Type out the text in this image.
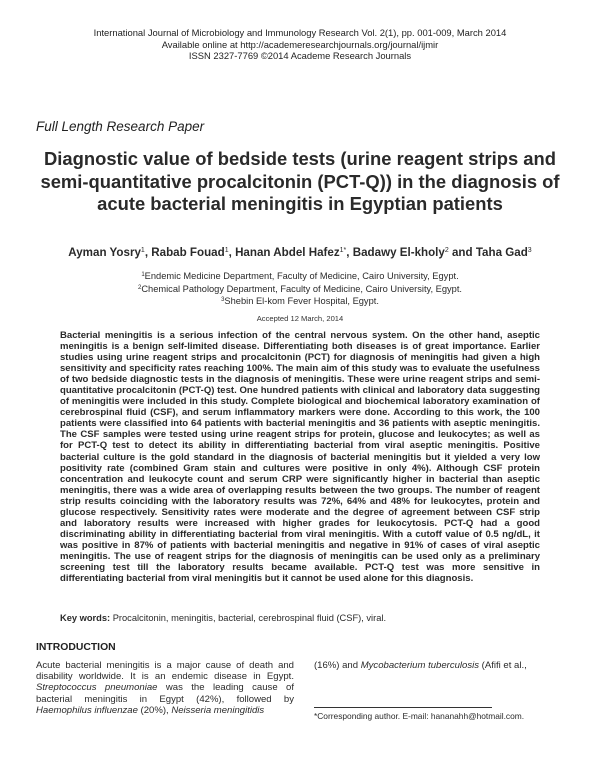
International Journal of Microbiology and Immunology Research Vol. 2(1), pp. 001-009, March 2014
Available online at http://academeresearchjournals.org/journal/ijmir
ISSN 2327-7769 ©2014 Academe Research Journals
Full Length Research Paper
Diagnostic value of bedside tests (urine reagent strips and semi-quantitative procalcitonin (PCT-Q)) in the diagnosis of acute bacterial meningitis in Egyptian patients
Ayman Yosry$^1$, Rabab Fouad$^1$, Hanan Abdel Hafez$^{1*}$, Badawy El-kholy$^2$ and Taha Gad$^3$
$^1$Endemic Medicine Department, Faculty of Medicine, Cairo University, Egypt.
$^2$Chemical Pathology Department, Faculty of Medicine, Cairo University, Egypt.
$^3$Shebin El-kom Fever Hospital, Egypt.
Accepted 12 March, 2014
Bacterial meningitis is a serious infection of the central nervous system. On the other hand, aseptic meningitis is a benign self-limited disease. Differentiating both diseases is of great importance. Earlier studies using urine reagent strips and procalcitonin (PCT) for diagnosis of meningitis had given a high sensitivity and specificity rates reaching 100%. The main aim of this study was to evaluate the usefulness of two bedside diagnostic tests in the diagnosis of meningitis. These were urine reagent strips and semi-quantitative procalcitonin (PCT-Q) test. One hundred patients with clinical and laboratory data suggesting of meningitis were included in this study. Complete biological and biochemical laboratory examination of cerebrospinal fluid (CSF), and serum inflammatory markers were done. According to this work, the 100 patients were classified into 64 patients with bacterial meningitis and 36 patients with aseptic meningitis. The CSF samples were tested using urine reagent strips for protein, glucose and leukocytes; as well as for PCT-Q test to detect its ability in differentiating bacterial from viral aseptic meningitis. Positive bacterial culture is the gold standard in the diagnosis of bacterial meningitis but it yielded a very low positivity rate (combined Gram stain and cultures were positive in only 4%). Although CSF protein concentration and leukocyte count and serum CRP were significantly higher in bacterial than aseptic meningitis, there was a wide area of overlapping results between the two groups. The number of reagent strip results coinciding with the laboratory results was 72%, 64% and 48% for leukocytes, protein and glucose respectively. Sensitivity rates were moderate and the degree of agreement between CSF strip and laboratory results were increased with higher grades for leukocytosis. PCT-Q had a good discriminating ability in differentiating bacterial from viral meningitis. With a cutoff value of 0.5 ng/dL, it was positive in 87% of patients with bacterial meningitis and negative in 91% of cases of viral aseptic meningitis. The use of reagent strips for the diagnosis of meningitis can be used only as a preliminary screening test till the laboratory results became available. PCT-Q test was more sensitive in differentiating bacterial from viral meningitis but it cannot be used alone for this diagnosis.
Key words: Procalcitonin, meningitis, bacterial, cerebrospinal fluid (CSF), viral.
INTRODUCTION
Acute bacterial meningitis is a major cause of death and disability worldwide. It is an endemic disease in Egypt. Streptococcus pneumoniae was the leading cause of bacterial meningitis in Egypt (42%), followed by Haemophilus influenzae (20%), Neisseria meningitidis
(16%) and Mycobacterium tuberculosis (Afifi et al.,
*Corresponding author. E-mail: hananahh@hotmail.com.
